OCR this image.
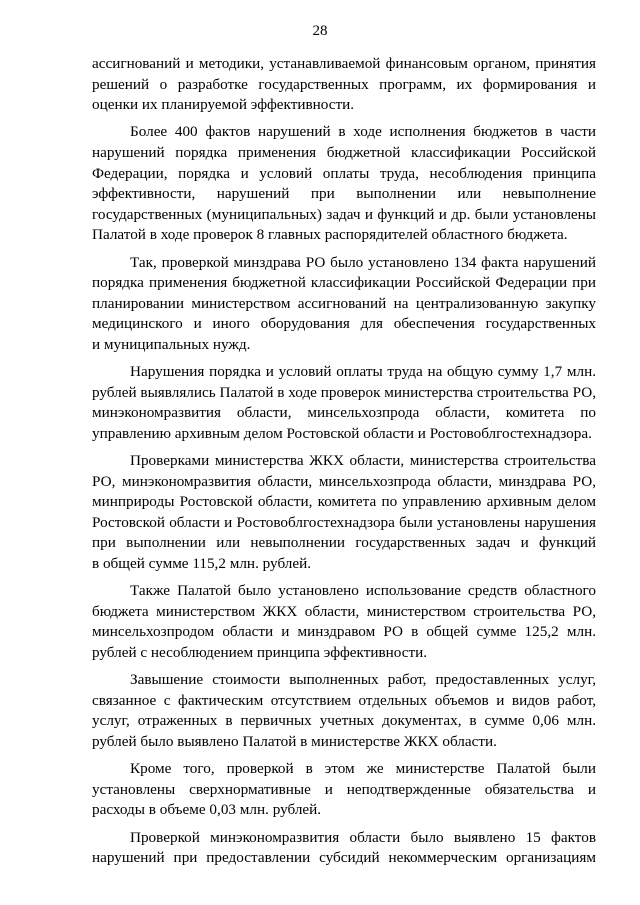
28
ассигнований и методики, устанавливаемой финансовым органом, принятия
решений о разработке государственных программ, их формирования и
оценки их планируемой эффективности.
Более 400 фактов нарушений в ходе исполнения бюджетов в части
нарушений порядка применения бюджетной классификации Российской
Федерации, порядка и условий оплаты труда, несоблюдения принципа
эффективности, нарушений при выполнении или невыполнение
государственных (муниципальных) задач и функций и др. были установлены
Палатой в ходе проверок 8 главных распорядителей областного бюджета.
Так, проверкой минздрава РО было установлено 134 факта нарушений
порядка применения бюджетной классификации Российской Федерации при
планировании министерством ассигнований на централизованную закупку
медицинского и иного оборудования для обеспечения государственных
и муниципальных нужд.
Нарушения порядка и условий оплаты труда на общую сумму 1,7 млн.
рублей выявлялись Палатой в ходе проверок министерства строительства РО,
минэкономразвития области, минсельхозпрода области, комитета по
управлению архивным делом Ростовской области и Ростовоблгостехнадзора.
Проверками министерства ЖКХ области, министерства строительства
РО, минэкономразвития области, минсельхозпрода области, минздрава РО,
минприроды Ростовской области, комитета по управлению архивным делом
Ростовской области и Ростовоблгостехнадзора были установлены нарушения
при выполнении или невыполнении государственных задач и функций
в общей сумме 115,2 млн. рублей.
Также Палатой было установлено использование средств областного
бюджета министерством ЖКХ области, министерством строительства РО,
минсельхозпродом области и минздравом РО в общей сумме 125,2 млн.
рублей с несоблюдением принципа эффективности.
Завышение стоимости выполненных работ, предоставленных услуг,
связанное с фактическим отсутствием отдельных объемов и видов работ,
услуг, отраженных в первичных учетных документах, в сумме 0,06 млн.
рублей было выявлено Палатой в министерстве ЖКХ области.
Кроме того, проверкой в этом же министерстве Палатой были
установлены сверхнормативные и неподтвержденные обязательства и
расходы в объеме 0,03 млн. рублей.
Проверкой минэкономразвития области было выявлено 15 фактов
нарушений при предоставлении субсидий некоммерческим организациям
